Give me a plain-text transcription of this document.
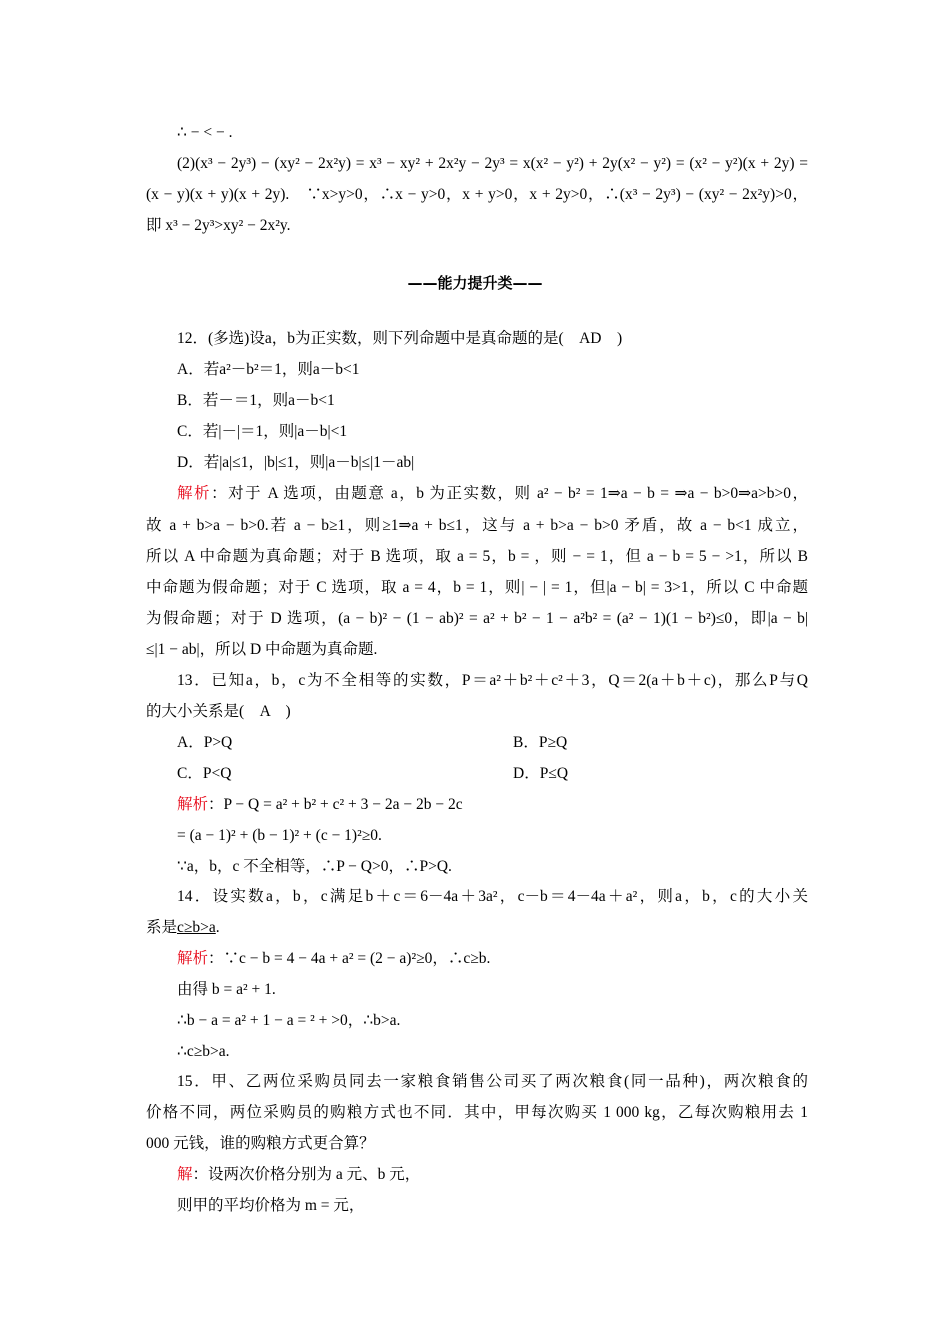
∴ − < − .
(2)(x³ − 2y³) − (xy² − 2x²y) = x³ − xy² + 2x²y − 2y³ = x(x² − y²) + 2y(x² − y²) = (x² − y²)(x + 2y) =
(x − y)(x + y)(x + 2y).　∵x>y>0，∴x − y>0，x + y>0，x + 2y>0，∴(x³ − 2y³) − (xy² − 2x²y)>0，
即 x³ − 2y³>xy² − 2x²y.
——能力提升类——
12．(多选)设a，b为正实数，则下列命题中是真命题的是(　AD　)
A．若a²－b²＝1，则a－b<1
B．若－＝1，则a－b<1
C．若|－|＝1，则|a－b|<1
D．若|a|≤1，|b|≤1，则|a－b|≤|1－ab|
解析：对于 A 选项，由题意 a，b 为正实数，则 a² − b² = 1⇒a − b = ⇒a − b>0⇒a>b>0，
故 a + b>a − b>0.若 a − b≥1，则≥1⇒a + b≤1，这与 a + b>a − b>0 矛盾，故 a − b<1 成立，
所以 A 中命题为真命题；对于 B 选项，取 a = 5，b = ，则 − = 1，但 a − b = 5 − >1，所以 B
中命题为假命题；对于 C 选项，取 a = 4，b = 1，则| − | = 1，但|a − b| = 3>1，所以 C 中命题
为假命题；对于 D 选项，(a − b)² − (1 − ab)² = a² + b² − 1 − a²b² = (a² − 1)(1 − b²)≤0，即|a − b|
≤|1 − ab|，所以 D 中命题为真命题.
13．已知a，b，c为不全相等的实数，P＝a²＋b²＋c²＋3，Q＝2(a＋b＋c)，那么P与Q
的大小关系是(　A　)
A．P>Q	B．P≥Q
C．P<Q	D．P≤Q
解析：P − Q = a² + b² + c² + 3 − 2a − 2b − 2c
= (a − 1)² + (b − 1)² + (c − 1)²≥0.
∵a，b，c 不全相等，∴P − Q>0，∴P>Q.
14．设实数a，b，c满足b＋c＝6－4a＋3a²，c－b＝4－4a＋a²，则a，b，c的大小关
系是c≥b>a.
解析：∵c − b = 4 − 4a + a² = (2 − a)²≥0，∴c≥b.
由得 b = a² + 1.
∴b − a = a² + 1 − a = ² + >0，∴b>a.
∴c≥b>a.
15．甲、乙两位采购员同去一家粮食销售公司买了两次粮食(同一品种)，两次粮食的
价格不同，两位采购员的购粮方式也不同．其中，甲每次购买 1 000 kg，乙每次购粮用去 1
000 元钱，谁的购粮方式更合算？
解：设两次价格分别为 a 元、b 元，
则甲的平均价格为 m = 元，
